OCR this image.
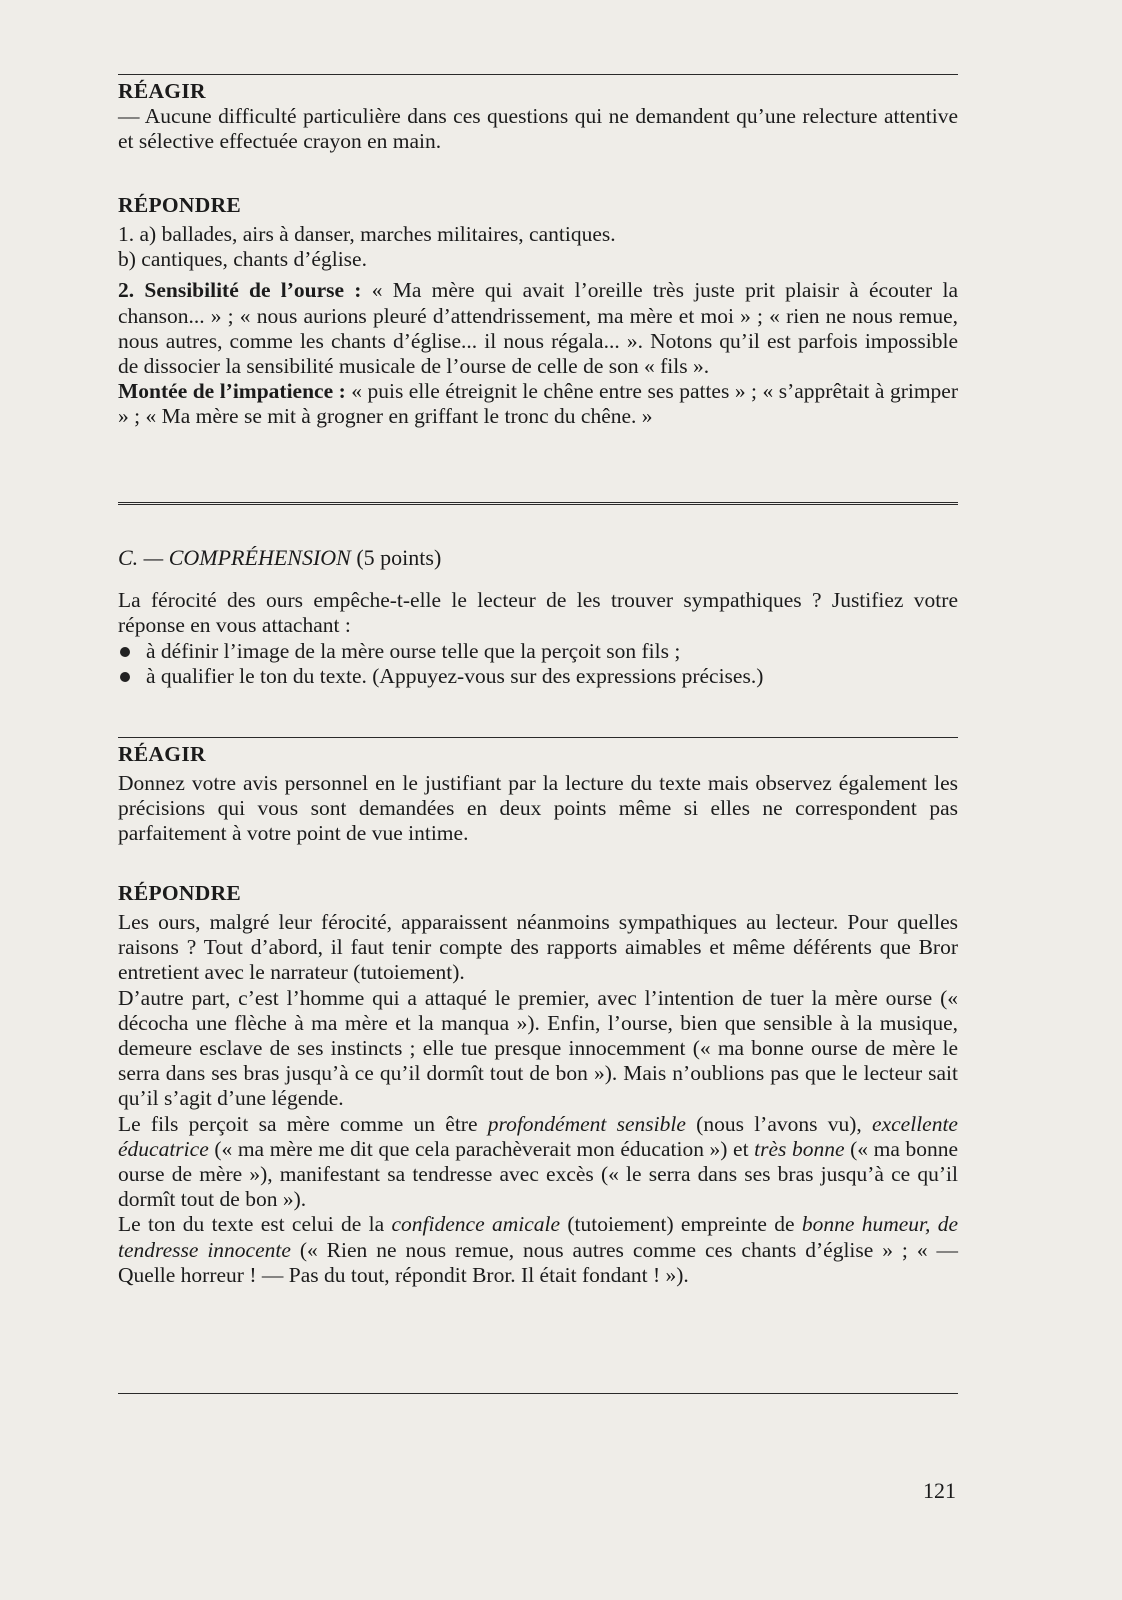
RÉAGIR

— Aucune difficulté particulière dans ces questions qui ne demandent qu’une relecture attentive et sélective effectuée crayon en main.

RÉPONDRE

1. a) ballades, airs à danser, marches militaires, cantiques.

b) cantiques, chants d’église.

2. Sensibilité de l’ourse : « Ma mère qui avait l’oreille très juste prit plaisir à écouter la chanson... » ; « nous aurions pleuré d’attendrissement, ma mère et moi » ; « rien ne nous remue, nous autres, comme les chants d’église... il nous régala... ». Notons qu’il est parfois impossible de dissocier la sensibilité musicale de l’ourse de celle de son « fils ».

Montée de l’impatience : « puis elle étreignit le chêne entre ses pattes » ; « s’apprêtait à grimper » ; « Ma mère se mit à grogner en griffant le tronc du chêne. »

C. — COMPRÉHENSION (5 points)

La férocité des ours empêche-t-elle le lecteur de les trouver sympathiques ? Justifiez votre réponse en vous attachant :

à définir l’image de la mère ourse telle que la perçoit son fils ;
à qualifier le ton du texte. (Appuyez-vous sur des expressions précises.)
RÉAGIR

Donnez votre avis personnel en le justifiant par la lecture du texte mais observez également les précisions qui vous sont demandées en deux points même si elles ne correspondent pas parfaitement à votre point de vue intime.

RÉPONDRE

Les ours, malgré leur férocité, apparaissent néanmoins sympathiques au lecteur. Pour quelles raisons ? Tout d’abord, il faut tenir compte des rapports aimables et même déférents que Bror entretient avec le narrateur (tutoiement).

D’autre part, c’est l’homme qui a attaqué le premier, avec l’intention de tuer la mère ourse (« décocha une flèche à ma mère et la manqua »). Enfin, l’ourse, bien que sensible à la musique, demeure esclave de ses instincts ; elle tue presque innocemment (« ma bonne ourse de mère le serra dans ses bras jusqu’à ce qu’il dormît tout de bon »). Mais n’oublions pas que le lecteur sait qu’il s’agit d’une légende.

Le fils perçoit sa mère comme un être profondément sensible (nous l’avons vu), excellente éducatrice (« ma mère me dit que cela parachèverait mon éducation ») et très bonne (« ma bonne ourse de mère »), manifestant sa tendresse avec excès (« le serra dans ses bras jusqu’à ce qu’il dormît tout de bon »).

Le ton du texte est celui de la confidence amicale (tutoiement) empreinte de bonne humeur, de tendresse innocente (« Rien ne nous remue, nous autres comme ces chants d’église » ; « — Quelle horreur ! — Pas du tout, répondit Bror. Il était fondant ! »).

121
